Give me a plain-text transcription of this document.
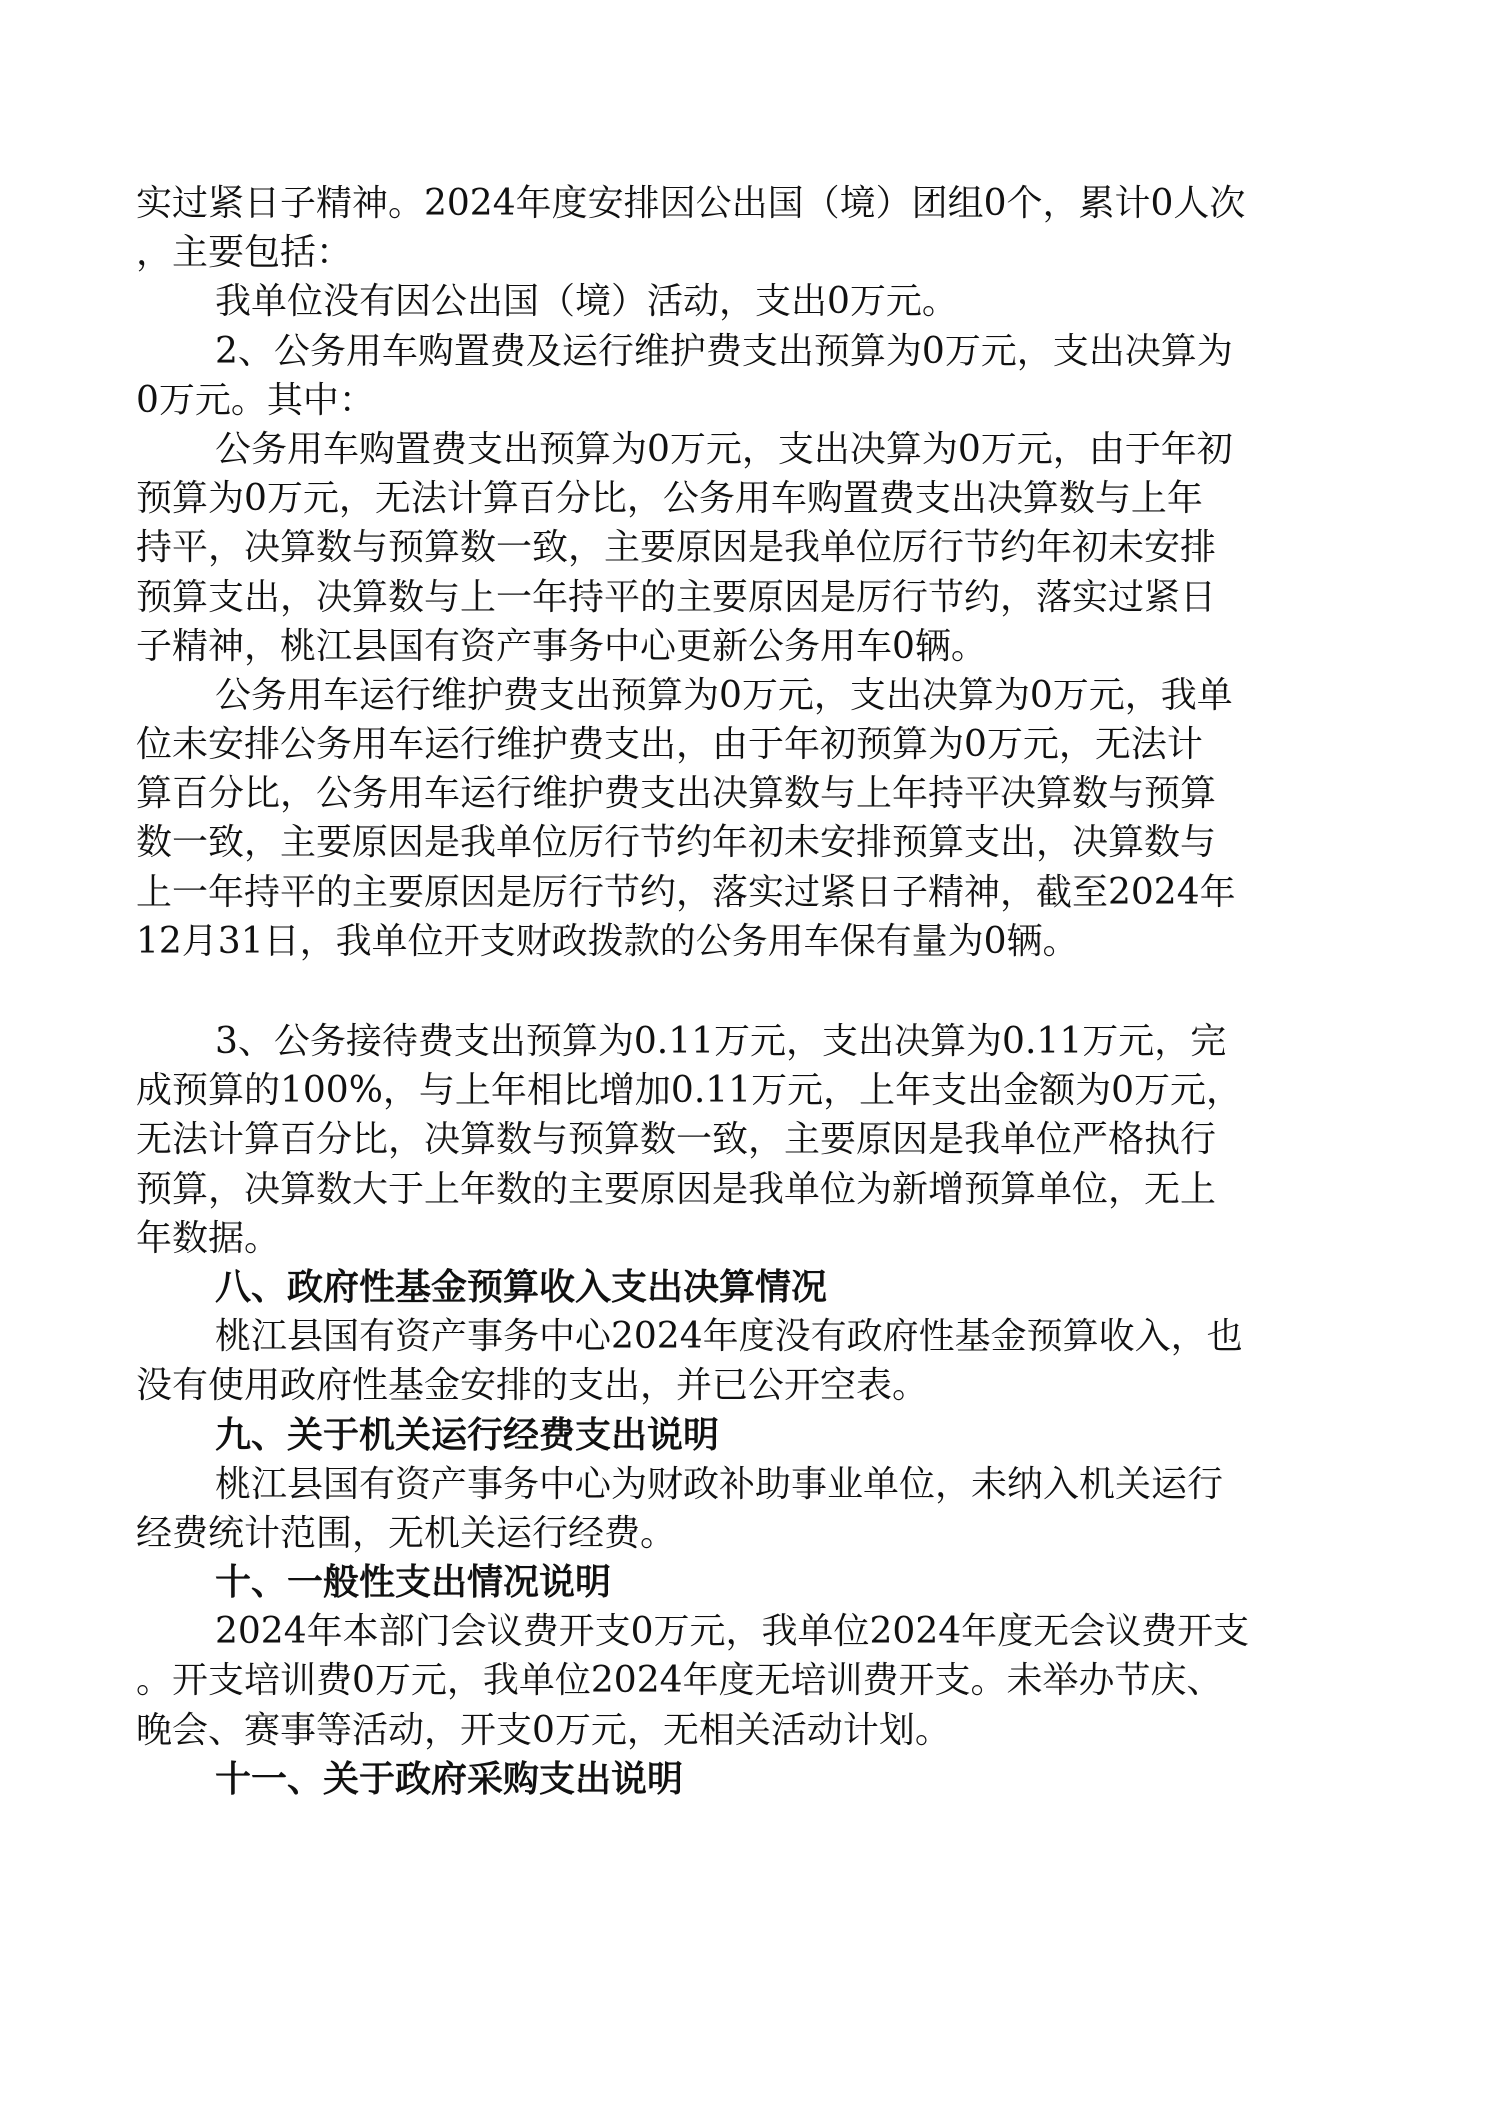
实过紧日子精神。2024年度安排因公出国（境）团组0个，累计0人次
，主要包括：
我单位没有因公出国（境）活动，支出0万元。
2、公务用车购置费及运行维护费支出预算为0万元，支出决算为
0万元。其中：
公务用车购置费支出预算为0万元，支出决算为0万元，由于年初
预算为0万元，无法计算百分比，公务用车购置费支出决算数与上年
持平，决算数与预算数一致，主要原因是我单位厉行节约年初未安排
预算支出，决算数与上一年持平的主要原因是厉行节约，落实过紧日
子精神，桃江县国有资产事务中心更新公务用车0辆。
公务用车运行维护费支出预算为0万元，支出决算为0万元，我单
位未安排公务用车运行维护费支出，由于年初预算为0万元，无法计
算百分比，公务用车运行维护费支出决算数与上年持平决算数与预算
数一致，主要原因是我单位厉行节约年初未安排预算支出，决算数与
上一年持平的主要原因是厉行节约，落实过紧日子精神，截至2024年
12月31日，我单位开支财政拨款的公务用车保有量为0辆。
3、公务接待费支出预算为0.11万元，支出决算为0.11万元，完
成预算的100%，与上年相比增加0.11万元，上年支出金额为0万元，
无法计算百分比，决算数与预算数一致，主要原因是我单位严格执行
预算，决算数大于上年数的主要原因是我单位为新增预算单位，无上
年数据。
八、政府性基金预算收入支出决算情况
桃江县国有资产事务中心2024年度没有政府性基金预算收入，也
没有使用政府性基金安排的支出，并已公开空表。
九、关于机关运行经费支出说明
桃江县国有资产事务中心为财政补助事业单位，未纳入机关运行
经费统计范围，无机关运行经费。
十、一般性支出情况说明
2024年本部门会议费开支0万元，我单位2024年度无会议费开支
。开支培训费0万元，我单位2024年度无培训费开支。未举办节庆、
晚会、赛事等活动，开支0万元，无相关活动计划。
十一、关于政府采购支出说明
